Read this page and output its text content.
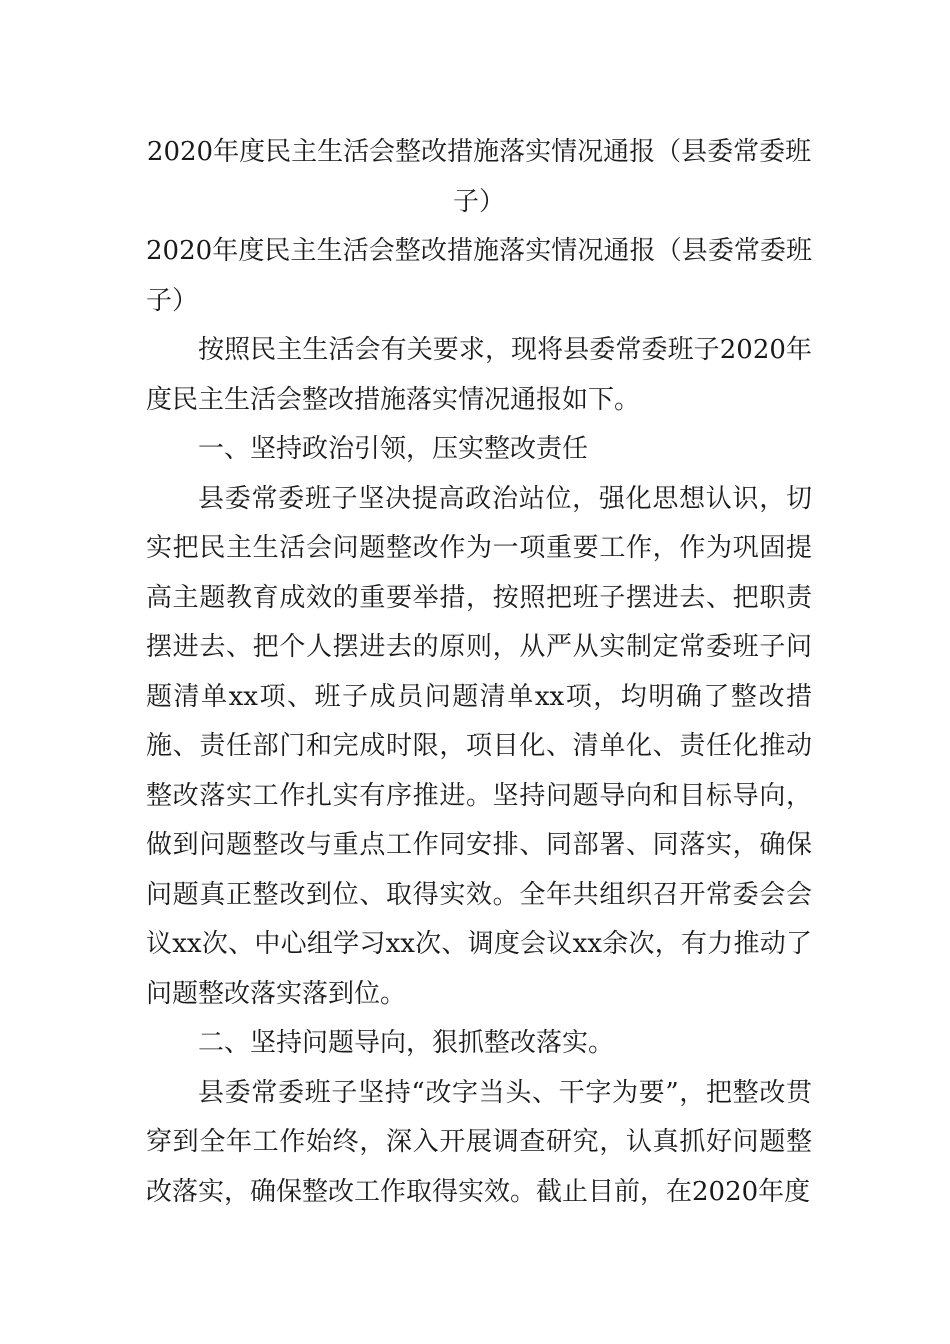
2020年度民主生活会整改措施落实情况通报（县委常委班子）

2020年度民主生活会整改措施落实情况通报（县委常委班子）

按照民主生活会有关要求，现将县委常委班子2020年度民主生活会整改措施落实情况通报如下。

一、坚持政治引领，压实整改责任

县委常委班子坚决提高政治站位，强化思想认识，切实把民主生活会问题整改作为一项重要工作，作为巩固提高主题教育成效的重要举措，按照把班子摆进去、把职责摆进去、把个人摆进去的原则，从严从实制定常委班子问题清单xx项、班子成员问题清单xx项，均明确了整改措施、责任部门和完成时限，项目化、清单化、责任化推动整改落实工作扎实有序推进。坚持问题导向和目标导向，做到问题整改与重点工作同安排、同部署、同落实，确保问题真正整改到位、取得实效。全年共组织召开常委会会议xx次、中心组学习xx次、调度会议xx余次，有力推动了问题整改落实落到位。

二、坚持问题导向，狠抓整改落实。

县委常委班子坚持“改字当头、干字为要”，把整改贯穿到全年工作始终，深入开展调查研究，认真抓好问题整改落实，确保整改工作取得实效。截止目前，在2020年度
